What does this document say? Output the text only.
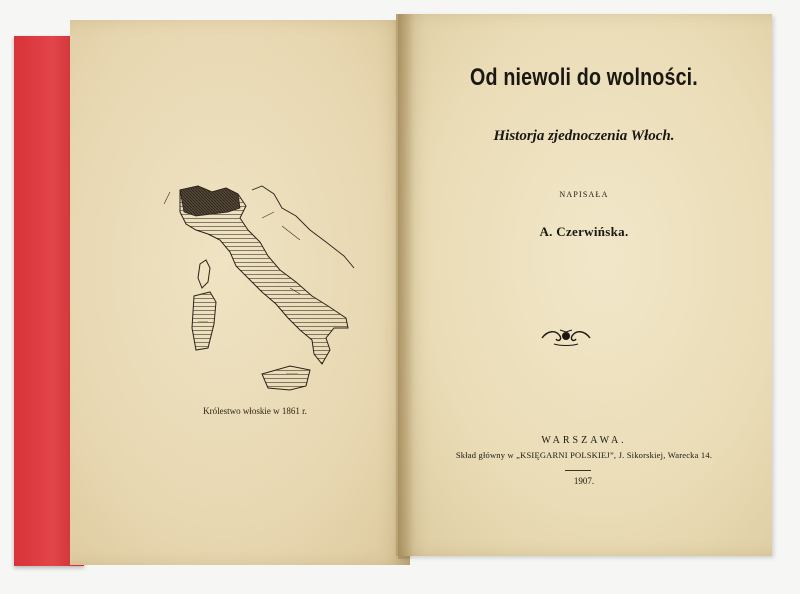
Królestwo włoskie w 1861 r.
Od niewoli do wolności.
Historja zjednoczenia Włoch.
NAPISAŁA
A. Czerwińska.
WARSZAWA.
Skład główny w „KSIĘGARNI POLSKIEJ”, J. Sikorskiej, Warecka 14.
1907.
